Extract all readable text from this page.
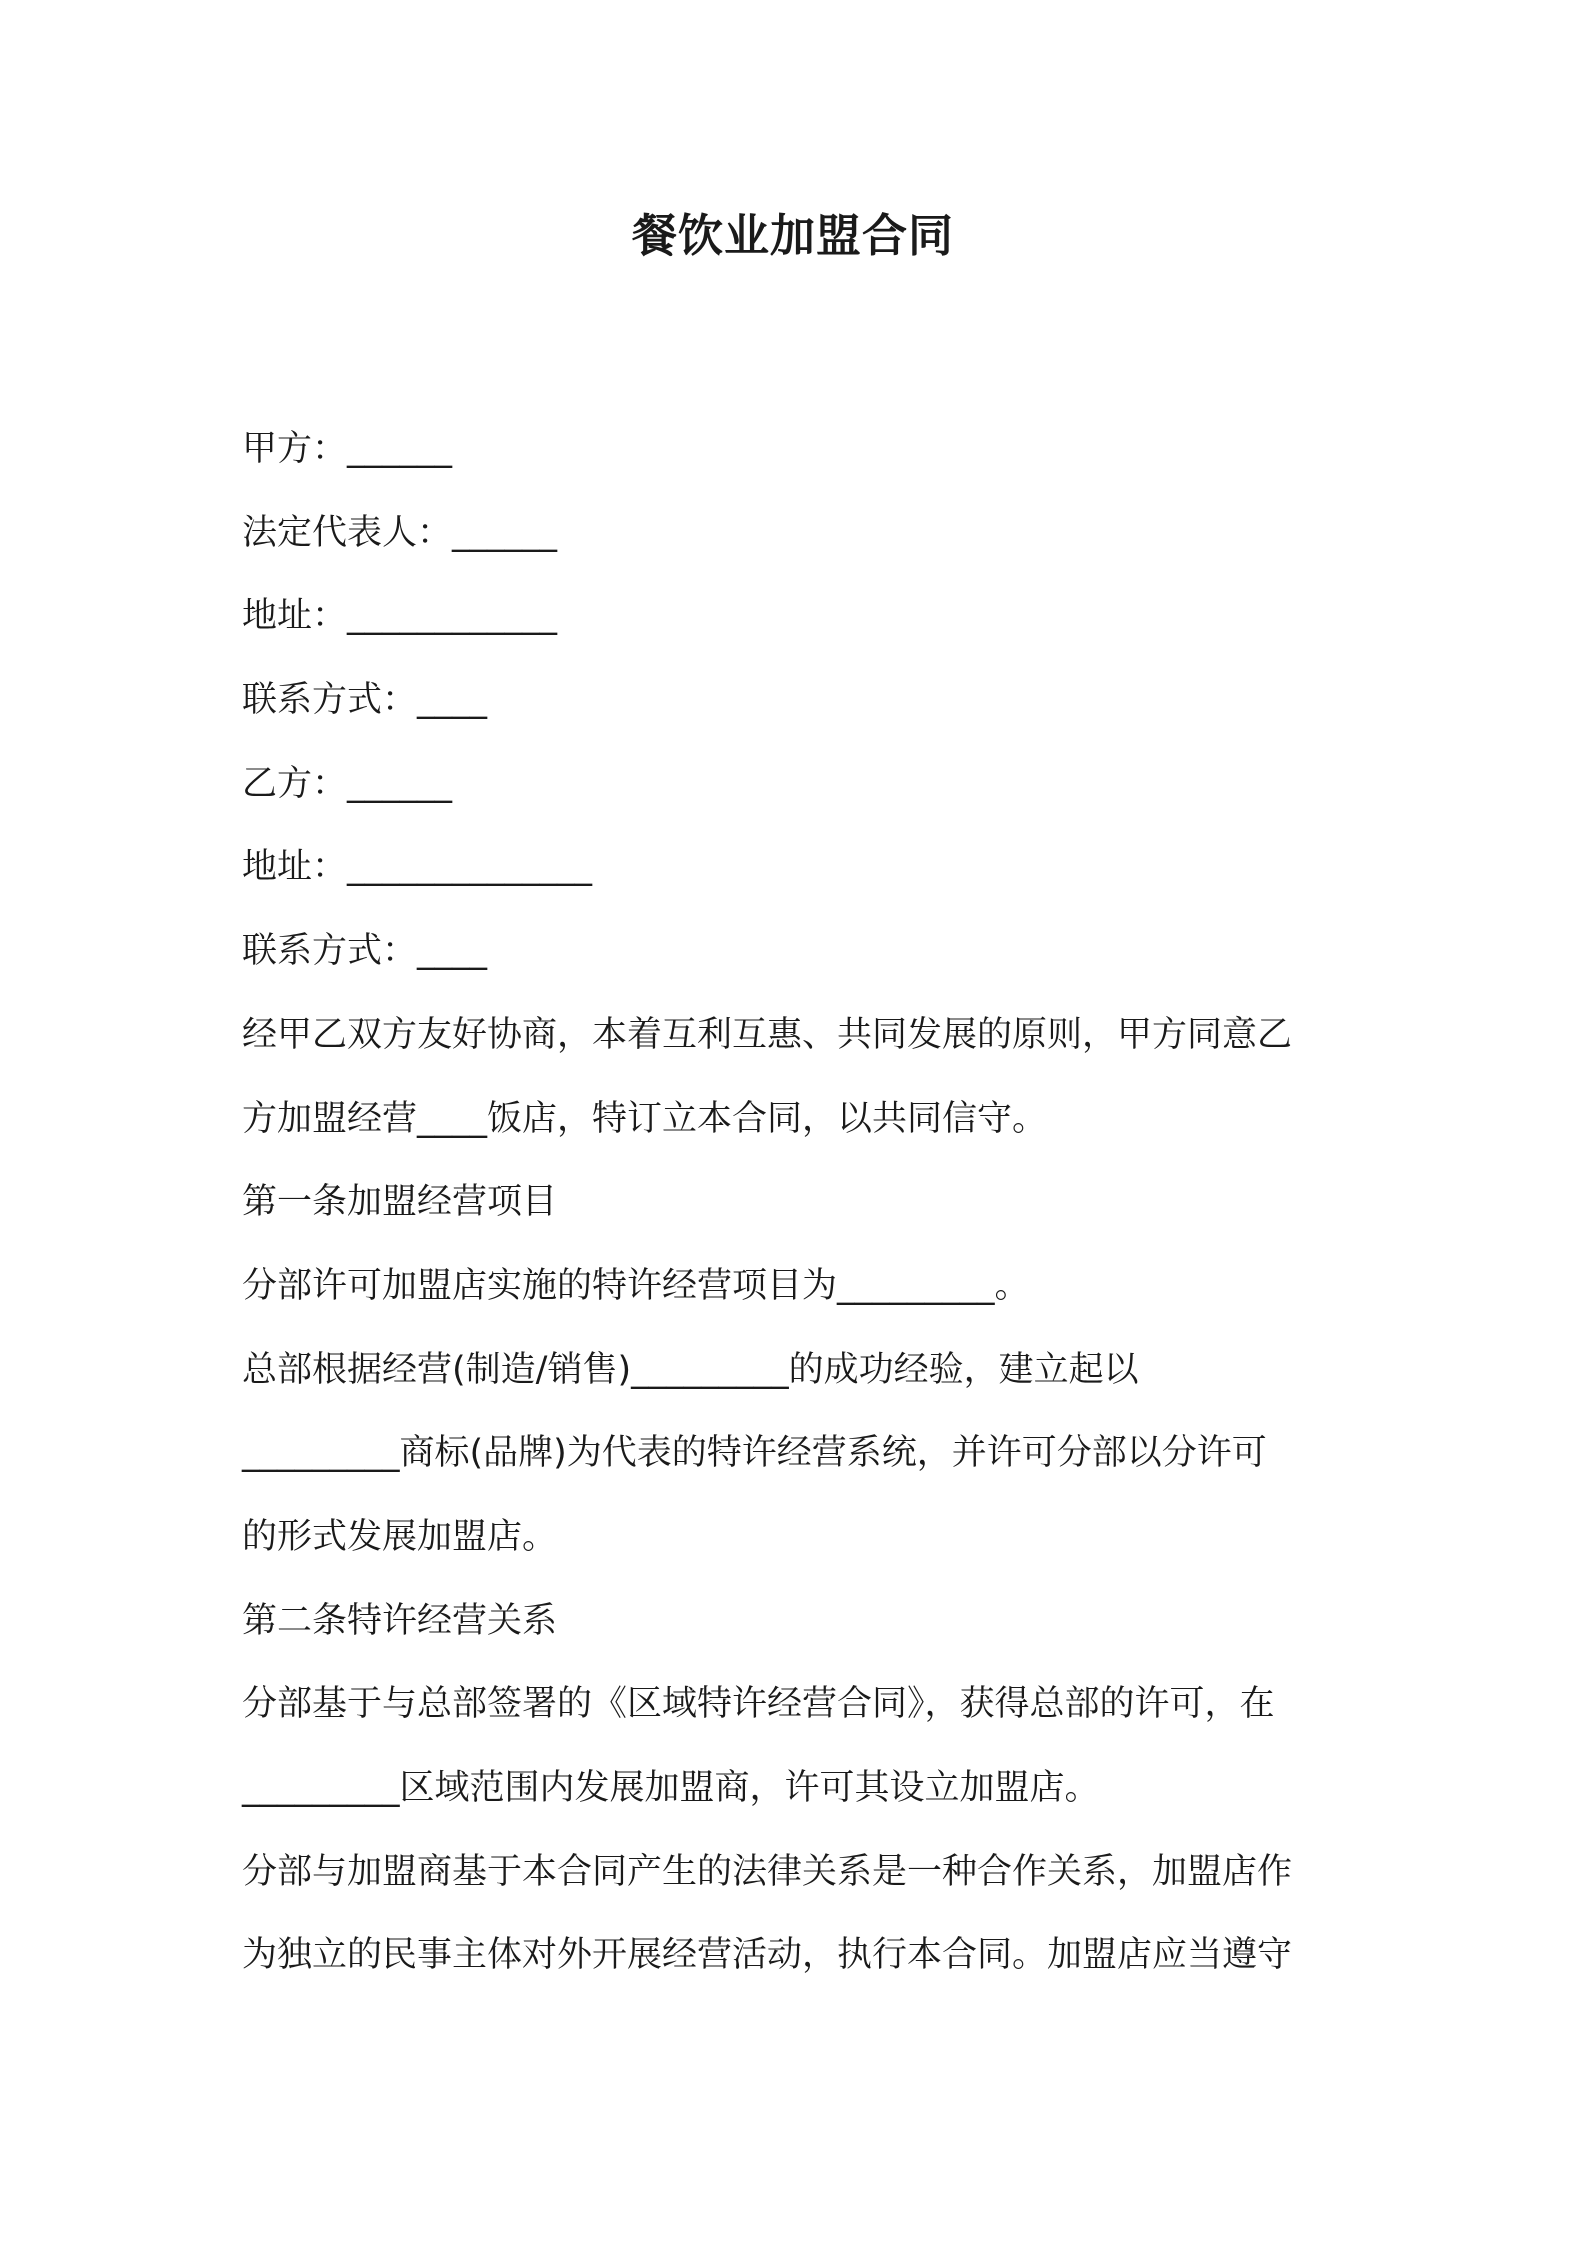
餐饮业加盟合同
甲方：______
法定代表人：______
地址：____________
联系方式：____
乙方：______
地址：______________
联系方式：____
经甲乙双方友好协商，本着互利互惠、共同发展的原则，甲方同意乙
方加盟经营____饭店，特订立本合同，以共同信守。
第一条加盟经营项目
分部许可加盟店实施的特许经营项目为_________。
总部根据经营(制造/销售)_________的成功经验，建立起以
_________商标(品牌)为代表的特许经营系统，并许可分部以分许可
的形式发展加盟店。
第二条特许经营关系
分部基于与总部签署的《区域特许经营合同》，获得总部的许可，在
_________区域范围内发展加盟商，许可其设立加盟店。
分部与加盟商基于本合同产生的法律关系是一种合作关系，加盟店作
为独立的民事主体对外开展经营活动，执行本合同。加盟店应当遵守
